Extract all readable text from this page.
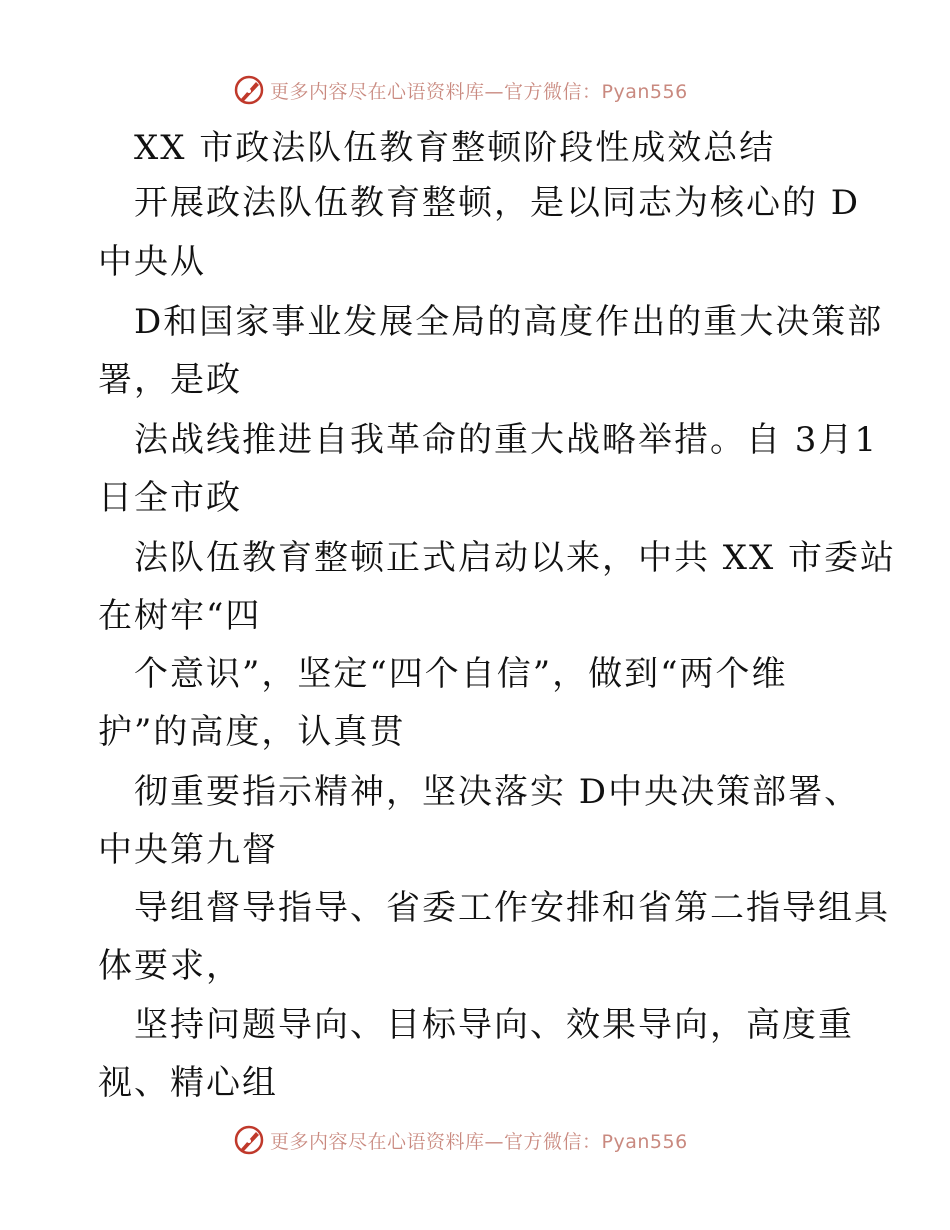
更多内容尽在心语资料库—官方微信：Pyan556
XX 市政法队伍教育整顿阶段性成效总结
开展政法队伍教育整顿，是以同志为核心的 D
中央从
D和国家事业发展全局的高度作出的重大决策部
署，是政
法战线推进自我革命的重大战略举措。自 3月1
日全市政
法队伍教育整顿正式启动以来，中共 XX 市委站
在树牢“四
个意识”，坚定“四个自信”，做到“两个维
护”的高度，认真贯
彻重要指示精神，坚决落实 D中央决策部署、
中央第九督
导组督导指导、省委工作安排和省第二指导组具
体要求，
坚持问题导向、目标导向、效果导向，高度重
视、精心组
更多内容尽在心语资料库—官方微信：Pyan556
